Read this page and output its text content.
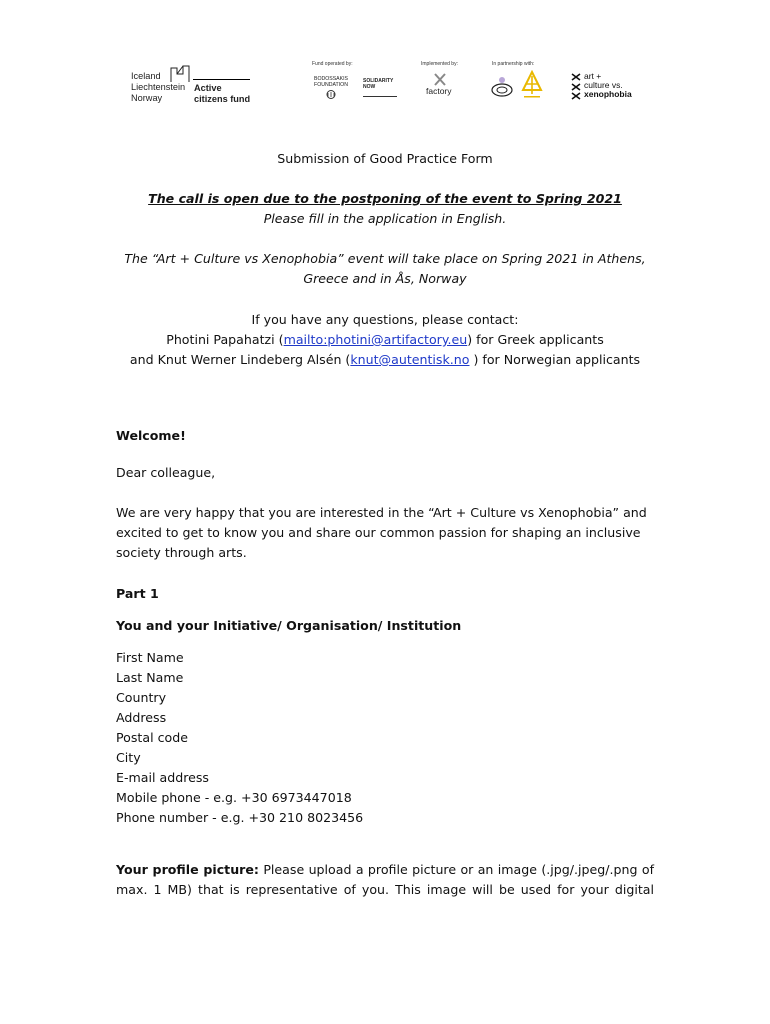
Iceland
Liechtenstein
Norway
Active
citizens fund
Fund operated by:	Implemented by:	In partnership with:
BODOSSAKIS FOUNDATION
SOLIDARITY NOW	factory
art +
culture vs.
xenophobia
Submission of Good Practice Form
The call is open due to the postponing of the event to Spring 2021
Please fill in the application in English.
The “Art + Culture vs Xenophobia” event will take place on Spring 2021 in Athens,
Greece and in Ås, Norway
If you have any questions, please contact:
Photini Papahatzi (mailto:photini@artifactory.eu) for Greek applicants
and Knut Werner Lindeberg Alsén (knut@autentisk.no ) for Norwegian applicants
Welcome!
Dear colleague,
We are very happy that you are interested in the “Art + Culture vs Xenophobia” and
excited to get to know you and share our common passion for shaping an inclusive
society through arts.
Part 1
You and your Initiative/ Organisation/ Institution
First Name
Last Name
Country
Address
Postal code
City
E-mail address
Mobile phone - e.g. +30 6973447018
Phone number - e.g. +30 210 8023456
Your profile picture: Please upload a profile picture or an image (.jpg/.jpeg/.png of
max. 1 MB) that is representative of you. This image will be used for your digital
